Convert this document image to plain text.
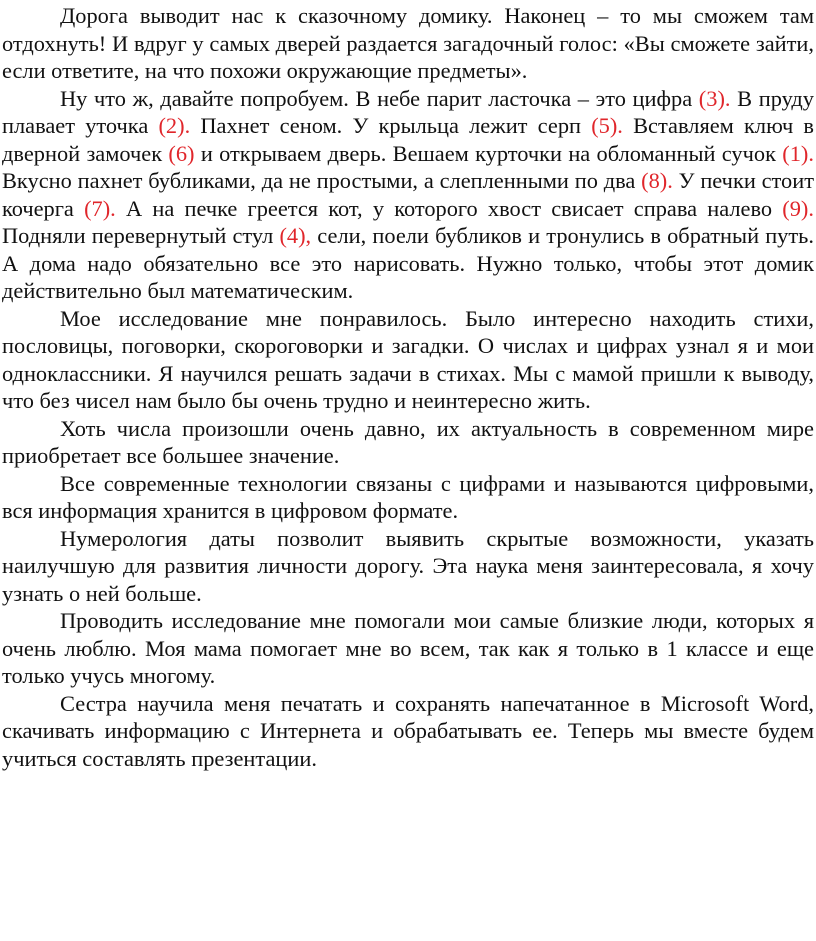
Дорога выводит нас к сказочному домику. Наконец – то мы сможем там отдохнуть! И вдруг у самых дверей раздается загадочный голос: «Вы сможете зайти, если ответите, на что похожи окружающие предметы».

Ну что ж, давайте попробуем. В небе парит ласточка – это цифра (3). В пруду плавает уточка (2). Пахнет сеном. У крыльца лежит серп (5). Вставляем ключ в дверной замочек (6) и открываем дверь. Вешаем курточки на обломанный сучок (1). Вкусно пахнет бубликами, да не простыми, а слепленными по два (8). У печки стоит кочерга (7). А на печке греется кот, у которого хвост свисает справа налево (9). Подняли перевернутый стул (4), сели, поели бубликов и тронулись в обратный путь. А дома надо обязательно все это нарисовать. Нужно только, чтобы этот домик действительно был математическим.

Мое исследование мне понравилось. Было интересно находить стихи, пословицы, поговорки, скороговорки и загадки. О числах и цифрах узнал я и мои одноклассники. Я научился решать задачи в стихах. Мы с мамой пришли к выводу, что без чисел нам было бы очень трудно и неинтересно жить.

Хоть числа произошли очень давно, их актуальность в современном мире приобретает все большее значение.

Все современные технологии связаны с цифрами и называются цифровыми, вся информация хранится в цифровом формате.

Нумерология даты позволит выявить скрытые возможности, указать наилучшую для развития личности дорогу. Эта наука меня заинтересовала, я хочу узнать о ней больше.

Проводить исследование мне помогали мои самые близкие люди, которых я очень люблю. Моя мама помогает мне во всем, так как я только в 1 классе и еще только учусь многому.

Сестра научила меня печатать и сохранять напечатанное в Microsoft Word, скачивать информацию с Интернета и обрабатывать ее. Теперь мы вместе будем учиться составлять презентации.
